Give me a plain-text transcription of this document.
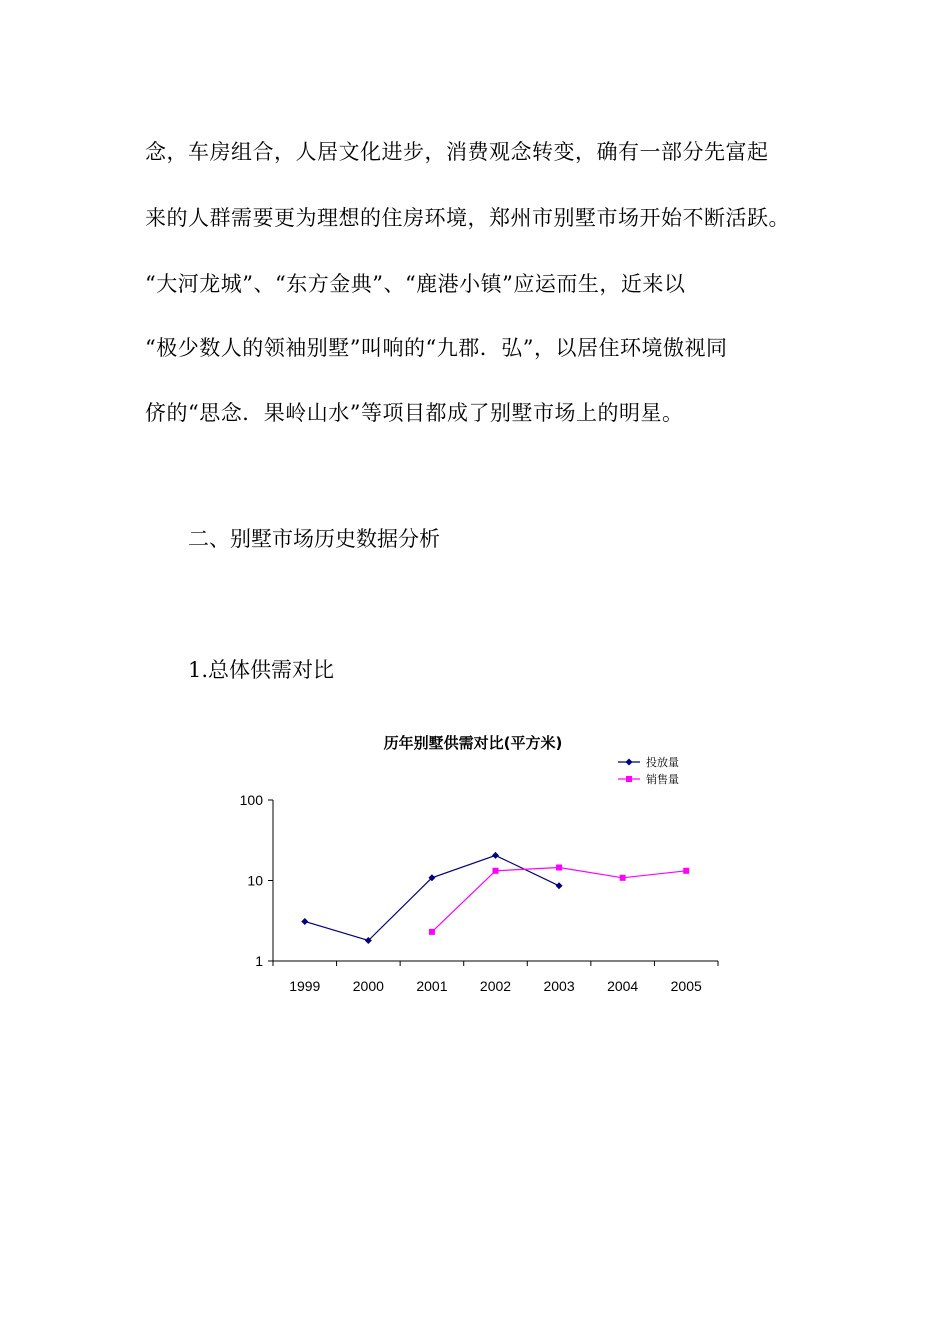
念，车房组合，人居文化进步，消费观念转变，确有一部分先富起
来的人群需要更为理想的住房环境，郑州市别墅市场开始不断活跃。
“大河龙城”、“东方金典”、“鹿港小镇”应运而生，近来以
“极少数人的领袖别墅”叫响的“九郡．弘”，以居住环境傲视同
侪的“思念．果岭山水”等项目都成了别墅市场上的明星。
二、别墅市场历史数据分析
1.总体供需对比
历年别墅供需对比(平方米)
投放量
销售量
1
10
100
1999 2000 2001 2002 2003 2004 2005
